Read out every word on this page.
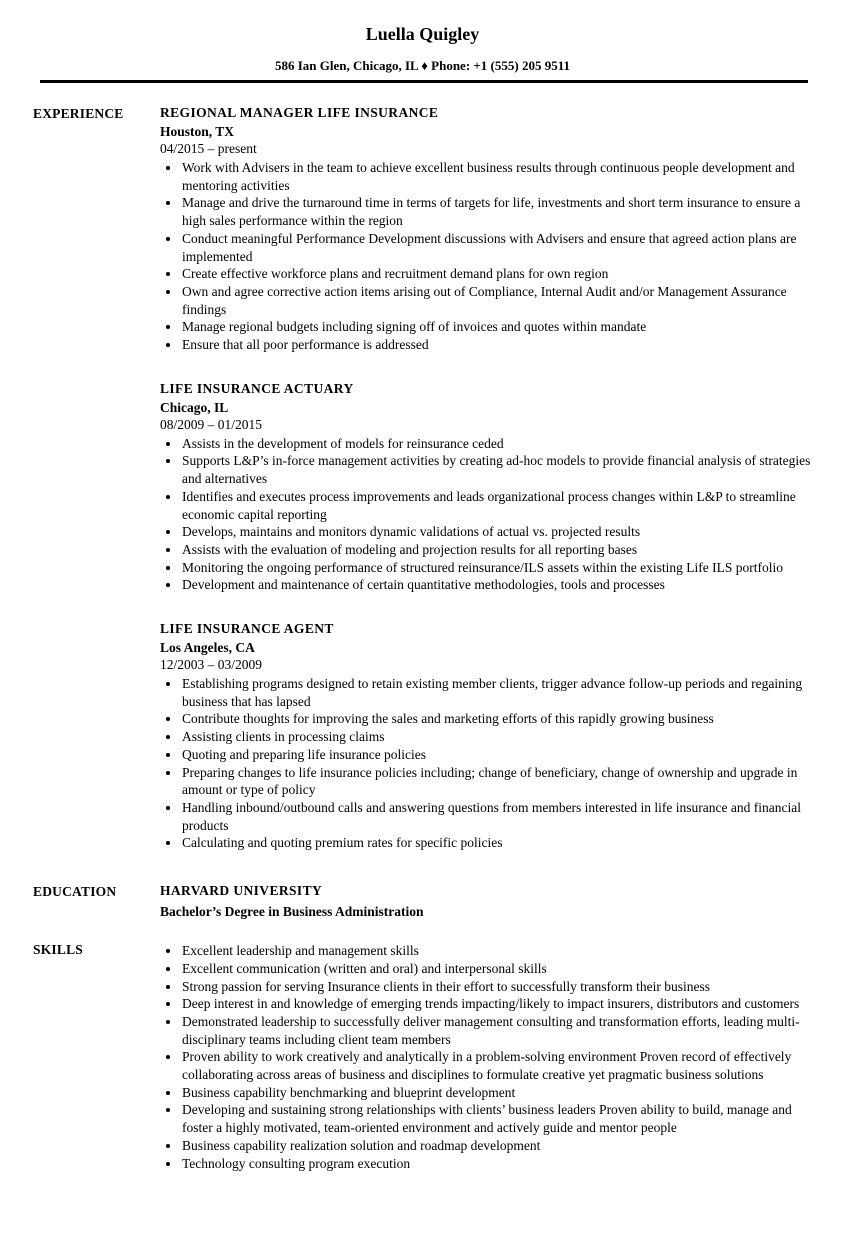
Luella Quigley
586 Ian Glen, Chicago, IL ♦ Phone: +1 (555) 205 9511
EXPERIENCE	REGIONAL MANAGER LIFE INSURANCE
Houston, TX
04/2015 – present
• Work with Advisers in the team to achieve excellent business results through continuous people development and mentoring activities
• Manage and drive the turnaround time in terms of targets for life, investments and short term insurance to ensure a high sales performance within the region
• Conduct meaningful Performance Development discussions with Advisers and ensure that agreed action plans are implemented
• Create effective workforce plans and recruitment demand plans for own region
• Own and agree corrective action items arising out of Compliance, Internal Audit and/or Management Assurance findings
• Manage regional budgets including signing off of invoices and quotes within mandate
• Ensure that all poor performance is addressed
LIFE INSURANCE ACTUARY
Chicago, IL
08/2009 – 01/2015
• Assists in the development of models for reinsurance ceded
• Supports L&P’s in-force management activities by creating ad-hoc models to provide financial analysis of strategies and alternatives
• Identifies and executes process improvements and leads organizational process changes within L&P to streamline economic capital reporting
• Develops, maintains and monitors dynamic validations of actual vs. projected results
• Assists with the evaluation of modeling and projection results for all reporting bases
• Monitoring the ongoing performance of structured reinsurance/ILS assets within the existing Life ILS portfolio
• Development and maintenance of certain quantitative methodologies, tools and processes
LIFE INSURANCE AGENT
Los Angeles, CA
12/2003 – 03/2009
• Establishing programs designed to retain existing member clients, trigger advance follow-up periods and regaining business that has lapsed
• Contribute thoughts for improving the sales and marketing efforts of this rapidly growing business
• Assisting clients in processing claims
• Quoting and preparing life insurance policies
• Preparing changes to life insurance policies including; change of beneficiary, change of ownership and upgrade in amount or type of policy
• Handling inbound/outbound calls and answering questions from members interested in life insurance and financial products
• Calculating and quoting premium rates for specific policies
EDUCATION	HARVARD UNIVERSITY
Bachelor’s Degree in Business Administration
SKILLS	• Excellent leadership and management skills
• Excellent communication (written and oral) and interpersonal skills
• Strong passion for serving Insurance clients in their effort to successfully transform their business
• Deep interest in and knowledge of emerging trends impacting/likely to impact insurers, distributors and customers
• Demonstrated leadership to successfully deliver management consulting and transformation efforts, leading multi-disciplinary teams including client team members
• Proven ability to work creatively and analytically in a problem-solving environment Proven record of effectively collaborating across areas of business and disciplines to formulate creative yet pragmatic business solutions
• Business capability benchmarking and blueprint development
• Developing and sustaining strong relationships with clients’ business leaders Proven ability to build, manage and foster a highly motivated, team-oriented environment and actively guide and mentor people
• Business capability realization solution and roadmap development
• Technology consulting program execution
